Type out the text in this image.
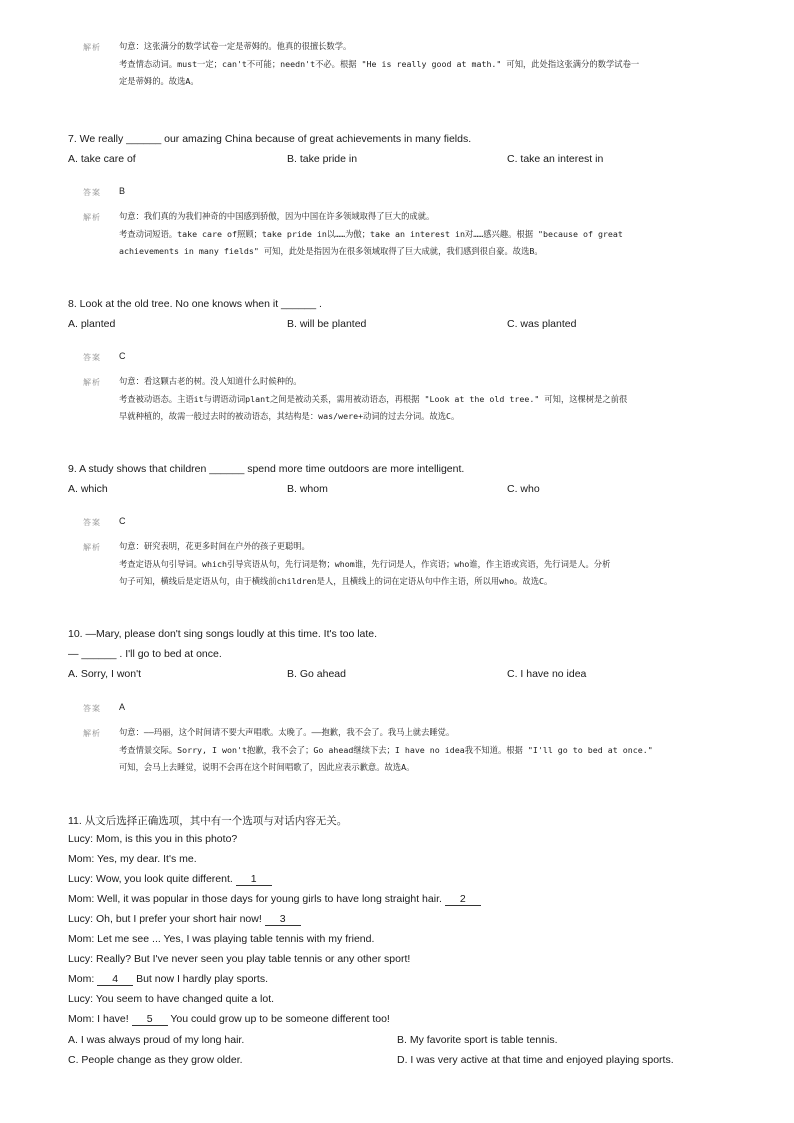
解析 句意：这张满分的数学试卷一定是蒂姆的。他真的很擅长数学。

考查情态动词。must一定；can't不可能；needn't不必。根据 "He is really good at math." 可知，此处指这张满分的数学试卷一

定是蒂姆的。故选A。

7. We really ______ our amazing China because of great achievements in many fields.
A. take care of	B. take pride in	C. take an interest in
答案 B
解析 句意：我们真的为我们神奇的中国感到骄傲，因为中国在许多领域取得了巨大的成就。

考查动词短语。take care of照顾；take pride in以……为傲；take an interest in对……感兴趣。根据 "because of great

achievements in many fields" 可知，此处是指因为在很多领域取得了巨大成就，我们感到很自豪。故选B。

8. Look at the old tree. No one knows when it ______ .
A. planted	B. will be planted	C. was planted
答案 C
解析 句意：看这颗古老的树。没人知道什么时候种的。

考查被动语态。主语it与谓语动词plant之间是被动关系，需用被动语态，再根据 "Look at the old tree." 可知，这棵树是之前很

早就种植的，故需一般过去时的被动语态，其结构是：was/were+动词的过去分词。故选C。

9. A study shows that children ______ spend more time outdoors are more intelligent.
A. which	B. whom	C. who
答案 C
解析 句意：研究表明，花更多时间在户外的孩子更聪明。

考查定语从句引导词。which引导宾语从句，先行词是物；whom谁，先行词是人，作宾语；who谁，作主语或宾语，先行词是人。分析

句子可知，横线后是定语从句，由于横线前children是人，且横线上的词在定语从句中作主语，所以用who。故选C。

10. —Mary, please don't sing songs loudly at this time. It's too late.
— ______ . I'll go to bed at once.
A. Sorry, I won't	B. Go ahead	C. I have no idea
答案 A
解析 句意：——玛丽，这个时间请不要大声唱歌。太晚了。——抱歉，我不会了。我马上就去睡觉。

考查情景交际。Sorry, I won't抱歉，我不会了；Go ahead继续下去；I have no idea我不知道。根据 "I'll go to bed at once."

可知，会马上去睡觉，说明不会再在这个时间唱歌了，因此应表示歉意。故选A。

11. 从文后选择正确选项，其中有一个选项与对话内容无关。
Lucy: Mom, is this you in this photo?
Mom: Yes, my dear. It's me.
Lucy: Wow, you look quite different. 1
Mom: Well, it was popular in those days for young girls to have long straight hair. 2
Lucy: Oh, but I prefer your short hair now! 3
Mom: Let me see ... Yes, I was playing table tennis with my friend.
Lucy: Really? But I've never seen you play table tennis or any other sport!
Mom: 4 But now I hardly play sports.
Lucy: You seem to have changed quite a lot.
Mom: I have! 5 You could grow up to be someone different too!
A. I was always proud of my long hair.	B. My favorite sport is table tennis.
C. People change as they grow older.	D. I was very active at that time and enjoyed playing sports.
